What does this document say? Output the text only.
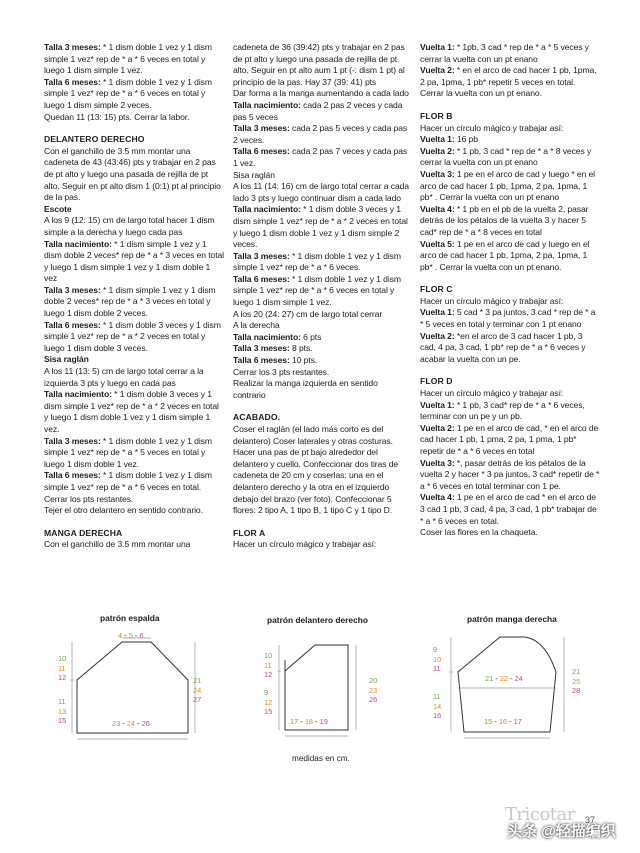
Talla 3 meses: * 1 dism doble 1 vez y 1 dism simple 1 vez* rep de * a * 6 veces en total y luego 1 dism simple 1 vez.
Talla 6 meses: * 1 dism doble 1 vez y 1 dism simple 1 vez* rep de * a * 6 veces en total y luego 1 dism simple 2 veces.
Quedan 11 (13: 15) pts. Cerrar la labor.
DELANTERO DERECHO
Con el ganchillo de 3.5 mm montar una cadeneta de 43 (43:46) pts y trabajar en 2 pas de pt alto y luego una pasada de rejilla de pt alto. Seguir en pt alto dism 1 (0:1) pt al principio de la pas.
Escote
A los 9 (12: 15) cm de largo total hacer 1 dism simple a la derecha y luego cada pas
Talla nacimiento: * 1 dism simple 1 vez y 1 dism doble 2 veces* rep de * a * 3 veces en total y luego 1 dism simple 1 vez y 1 dism doble 1 vez
Talla 3 meses: * 1 dism simple 1 vez y 1 dism doble 2 veces* rep de * a * 3 veces en total y luego 1 dism doble 2 veces.
Talla 6 meses: * 1 dism doble 3 veces y 1 dism simple 1 vez* rep de * a * 2 veces en total y luego 1 dism doble 3 veces.
Sisa raglán
A los 11 (13: 5) cm de largo total cerrar a la izquierda 3 pts y luego en cada pas
Talla nacimiento: * 1 dism doble 3 veces y 1 dism simple 1 vez* rep de * a * 2 veces en total y luego 1 dism doble 1 vez y 1 dism simple 1 vez.
Talla 3 meses: * 1 dism doble 1 vez y 1 dism simple 1 vez* rep de * a * 5 veces en total y luego 1 dism doble 1 vez.
Talla 6 meses: * 1 dism doble 1 vez y 1 dism simple 1 vez* rep de * a * 6 veces en total.
Cerrar los pts restantes.
Tejer el otro delantero en sentido contrario.
MANGA DERECHA
Con el ganchillo de 3.5 mm montar una
cadeneta de 36 (39:42) pts y trabajar en 2 pas de pt alto y luego una pasada de rejilla de pt alto. Seguir en pt alto aum 1 pt (-: dism 1 pt) al principio de la pas. Hay 37 (39: 41) pts
Dar forma a la manga aumentando a cada lado
Talla nacimiento: cada 2 pas 2 veces y cada pas 5 veces
Talla 3 meses: cada 2 pas 5 veces y cada pas 2 veces.
Talla 6 meses: cada 2 pas 7 veces y cada pas 1 vez.
Sisa raglán
A los 11 (14: 16) cm de largo total cerrar a cada lado 3 pts y luego continuar dism a cada lado
Talla nacimiento: * 1 dism doble 3 veces y 1 dism simple 1 vez* rep de * a * 2 veces en total y luego 1 dism doble 1 vez y 1 dism simple 2 veces.
Talla 3 meses: * 1 dism doble 1 vez y 1 dism simple 1 vez* rep de * a * 6 veces.
Talla 6 meses: * 1 dism doble 1 vez y 1 dism simple 1 vez* rep de * a * 6 veces en total y luego 1 dism simple 1 vez.
A los 20 (24: 27) cm de largo total cerrar
A la derecha
Talla nacimiento: 6 pts
Talla 3 meses: 8 pts.
Talla 6 meses: 10 pts.
Cerrar los 3 pts restantes.
Realizar la manga izquierda en sentido contrario
ACABADO.
Coser el raglán (el lado más corto es del delantero) Coser laterales y otras costuras. Hacer una pas de pt bajo alrededor del delantero y cuello. Confeccionar dos tiras de cadeneta de 20 cm y coserlas: una en el delantero derecho y la otra en el izquierdo debajo del brazo (ver foto). Confeccionar 5 flores: 2 tipo A, 1 tipo B, 1 tipo C y 1 tipo D.
FLOR A
Hacer un círculo mágico y trabajar así:
Vuelta 1: * 1pb, 3 cad * rep de * a * 5 veces y cerrar la vuelta con un pt enano
Vuelta 2: * en el arco de cad hacer 1 pb, 1pma, 2 pa, 1pma, 1 pb* repetir 5 veces en total.
Cerrar la vuelta con un pt enano.
FLOR B
Hacer un círculo mágico y trabajar así:
Vuelta 1: 16 pb
Vuelta 2: * 1 pb, 3 cad * rep de * a * 8 veces y cerrar la vuelta con un pt enano
Vuelta 3: 1 pe en el arco de cad y luego * en el arco de cad hacer 1 pb, 1pma, 2 pa, 1pma, 1 pb* . Cerrar la vuelta con un pt enano
Vuelta 4: * 1 pb en el pb de la vuelta 2, pasar detrás de los pétalos de la vuelta 3 y hacer 5 cad* rep de * a * 8 veces en total
Vuelta 5: 1 pe en el arco de cad y luego en el arco de cad hacer 1 pb, 1pma, 2 pa, 1pma, 1 pb* . Cerrar la vuelta con un pt enano.
FLOR C
Hacer un círculo mágico y trabajar así:
Vuelta 1: 5 cad * 3 pa juntos, 3 cad * rep de * a * 5 veces en total y terminar con 1 pt enano
Vuelta 2: *en el arco de 3 cad hacer 1 pb, 3 cad, 4 pa, 3 cad, 1 pb* rep de * a * 6 veces y acabar la vuelta con un pe.
FLOR D
Hacer un círculo mágico y trabajar así:
Vuelta 1: * 1 pb, 3 cad* rep de * a * 6 veces, terminar con un pe y un pb.
Vuelta 2: 1 pe en el arco de cad, * en el arco de cad hacer 1 pb, 1 pma, 2 pa, 1 pma, 1 pb* repetir de * a * 6 veces en total
Vuelta 3: *, pasar detrás de los pétalos de la vuelta 2 y hacer * 3 pa juntos, 3 cad* repetir de * a * 6 veces en total terminar con 1 pe.
Vuelta 4: 1 pe en el arco de cad * en el arco de 3 cad 1 pb, 3 cad, 4 pa, 3 cad, 1 pb* trabajar de * a * 6 veces en total.
Coser las flores en la chaqueta.
patrón espalda
4 - 5 - 6
10
11
12
11
13
15
21
24
27
23 - 24 - 26
patrón delantero derecho
10
11
12
9
12
15
20
23
26
17 - 18 - 19
patrón manga derecha
9
10
11
11
14
16
21
25
28
21 - 22 - 24
15 - 16 - 17
medidas en cm.
Tricotar 37
头条 @轻描编织
